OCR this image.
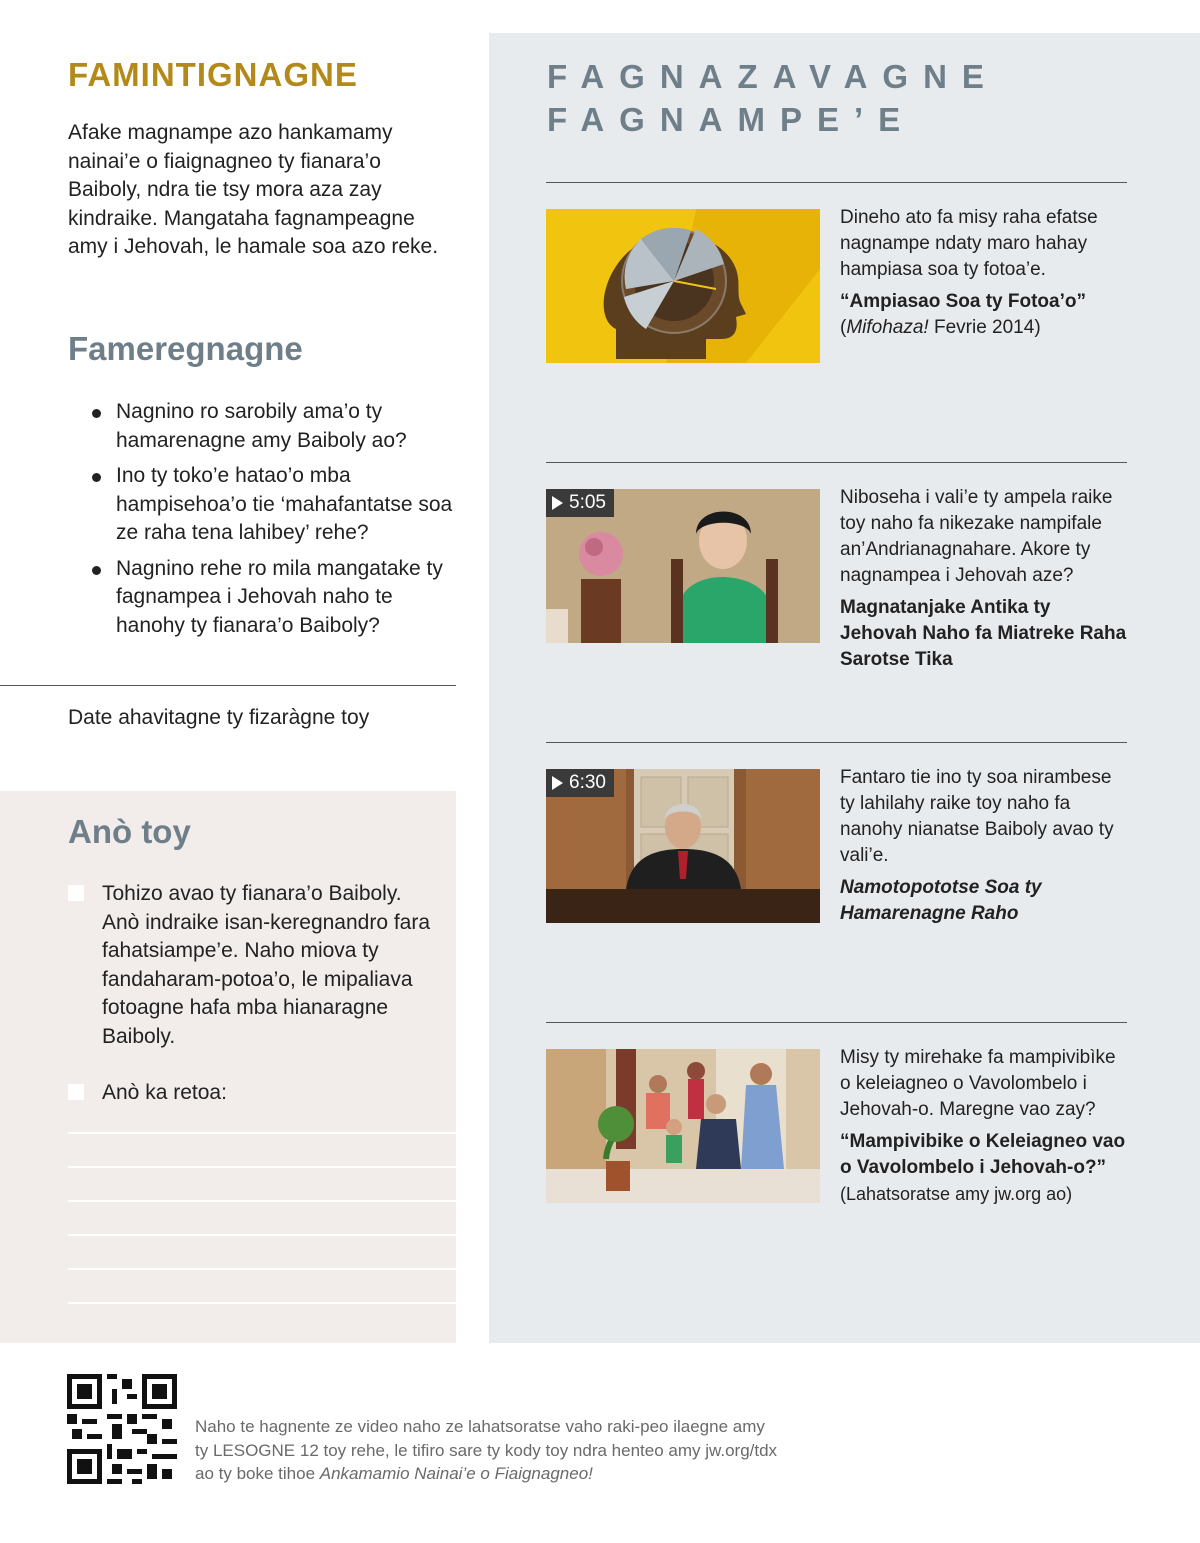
FAMINTIGNAGNE

Afake magnampe azo hankamamy nainai’e o fiaignagneo ty fianara’o Baiboly, ndra tie tsy mora aza zay kindraike. Mangataha fagnampeagne amy i Jehovah, le hamale soa azo reke.

Fameregnagne
Nagnino ro sarobily ama’o ty hamarenagne amy Baiboly ao?
Ino ty toko’e hatao’o mba hampisehoa’o tie ‘mahafantatse soa ze raha tena lahibey’ rehe?
Nagnino rehe ro mila mangatake ty fagnampea i Jehovah naho te hanohy ty fianara’o Baiboly?
Date ahavitagne ty fizaràgne toy
Anò toy
Tohizo avao ty fianara’o Baiboly. Anò indraike isan-keregnandro fara fahatsiampe’e. Naho miova ty fandaharam-potoa’o, le mipaliava fotoagne hafa mba hianaragne Baiboly.
Anò ka retoa:
FAGNAZAVAGNE
FAGNAMPE’E

Dineho ato fa misy raha efatse nagnampe ndaty maro hahay hampiasa soa ty fotoa’e.

“Ampiasao Soa ty Fotoa’o”

(Mifohaza! Fevrie 2014)

5:05	Niboseha i vali’e ty ampela raike toy naho fa nikezake nampifale an’Andrianagnahare. Akore ty nagnampea i Jehovah aze?

Magnatanjake Antika ty Jehovah Naho fa Miatreke Raha Sarotse Tika

6:30	Fantaro tie ino ty soa nirambese ty lahilahy raike toy naho fa nanohy nianatse Baiboly avao ty vali’e.

Namotopototse Soa ty Hamarenagne Raho

Misy ty mirehake fa mampivibìke o keleiagneo o Vavolombelo i Jehovah-o. Maregne vao zay?

“Mampivibike o Keleiagneo vao o Vavolombelo i Jehovah-o?”

(Lahatsoratse amy jw.org ao)

Naho te hagnente ze video naho ze lahatsoratse vaho raki-peo ilaegne amy
ty LESOGNE 12 toy rehe, le tifiro sare ty kody toy ndra henteo amy jw.org/tdx
ao ty boke tihoe Ankamamio Nainai’e o Fiaignagneo!
